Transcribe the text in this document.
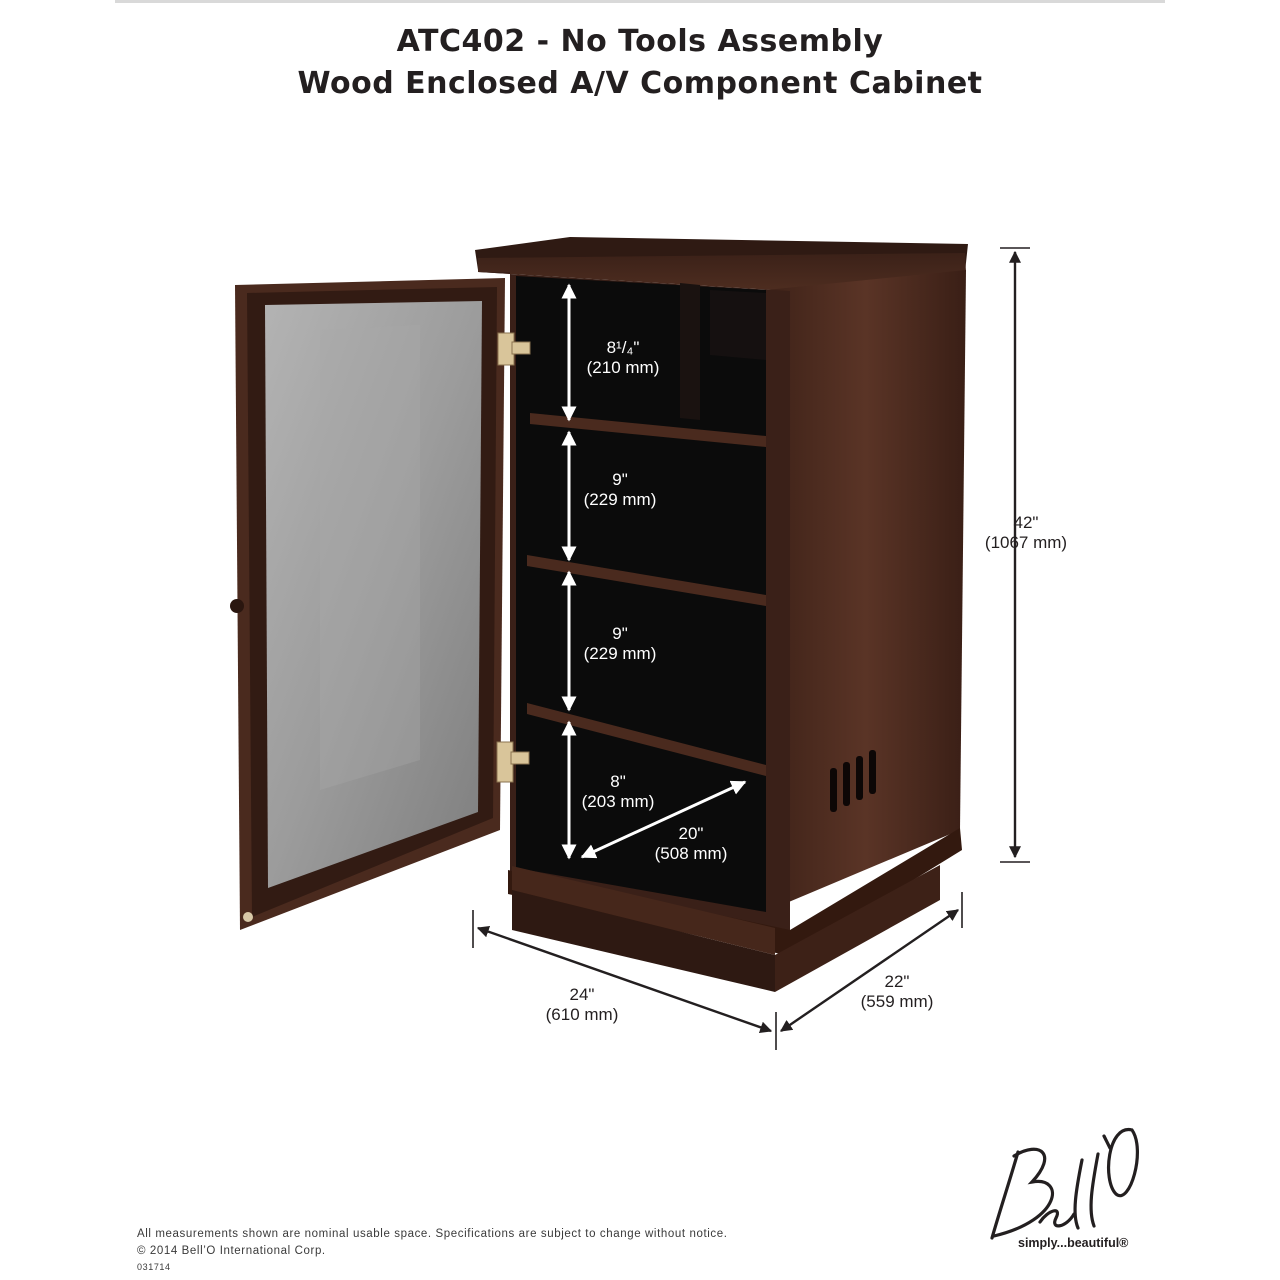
ATC402 - No Tools Assembly
Wood Enclosed A/V Component Cabinet
8¹/₄"
(210 mm)
9"
(229 mm)
9"
(229 mm)
8"
(203 mm)
20"
(508 mm)
42"
(1067 mm)
24"
(610 mm)
22"
(559 mm)
simply...beautiful®
All measurements shown are nominal usable space. Specifications are subject to change without notice.
© 2014 Bell’O International Corp.
031714
